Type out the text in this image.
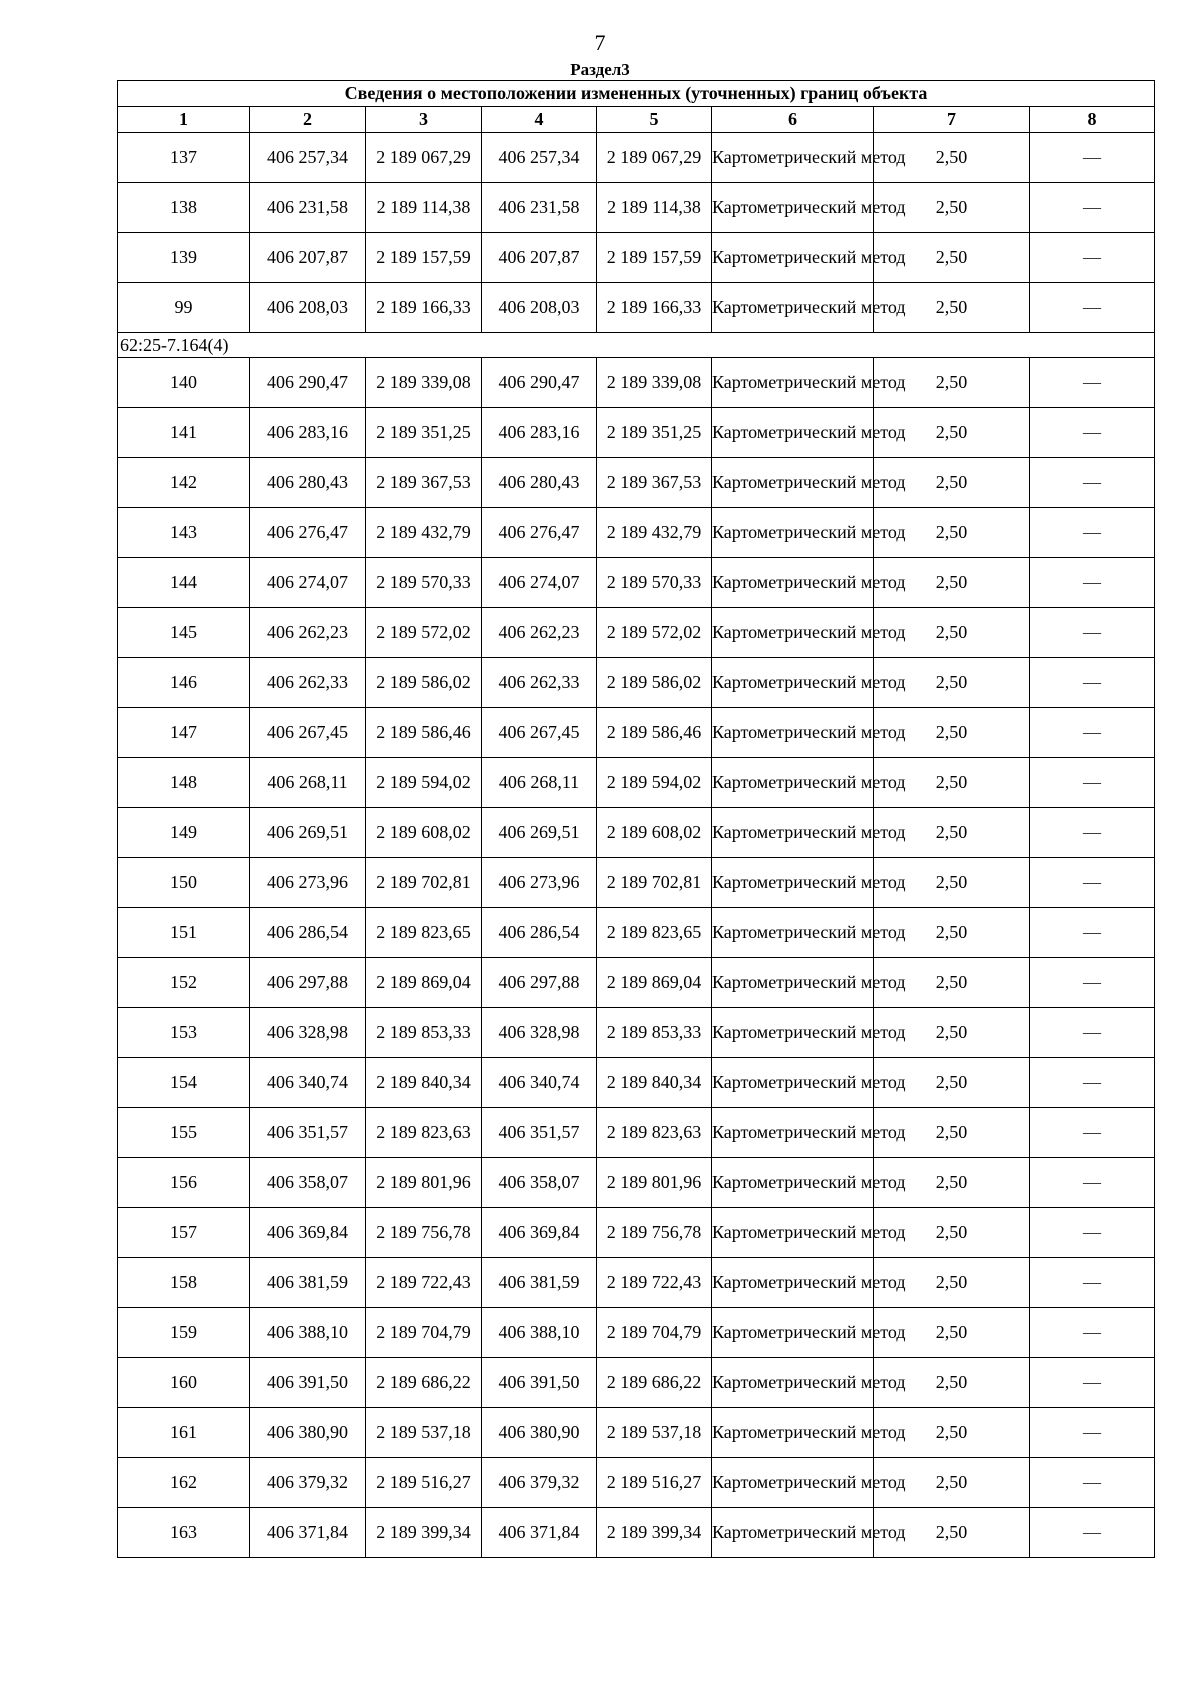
7
Раздел3
Сведения о местоположении измененных (уточненных) границ объекта							
1	2	3	4	5	6	7	8
137	406 257,34	2 189 067,29	406 257,34	2 189 067,29	Картометрический метод	2,50	—
138	406 231,58	2 189 114,38	406 231,58	2 189 114,38	Картометрический метод	2,50	—
139	406 207,87	2 189 157,59	406 207,87	2 189 157,59	Картометрический метод	2,50	—
99	406 208,03	2 189 166,33	406 208,03	2 189 166,33	Картометрический метод	2,50	—
62:25-7.164(4)							
140	406 290,47	2 189 339,08	406 290,47	2 189 339,08	Картометрический метод	2,50	—
141	406 283,16	2 189 351,25	406 283,16	2 189 351,25	Картометрический метод	2,50	—
142	406 280,43	2 189 367,53	406 280,43	2 189 367,53	Картометрический метод	2,50	—
143	406 276,47	2 189 432,79	406 276,47	2 189 432,79	Картометрический метод	2,50	—
144	406 274,07	2 189 570,33	406 274,07	2 189 570,33	Картометрический метод	2,50	—
145	406 262,23	2 189 572,02	406 262,23	2 189 572,02	Картометрический метод	2,50	—
146	406 262,33	2 189 586,02	406 262,33	2 189 586,02	Картометрический метод	2,50	—
147	406 267,45	2 189 586,46	406 267,45	2 189 586,46	Картометрический метод	2,50	—
148	406 268,11	2 189 594,02	406 268,11	2 189 594,02	Картометрический метод	2,50	—
149	406 269,51	2 189 608,02	406 269,51	2 189 608,02	Картометрический метод	2,50	—
150	406 273,96	2 189 702,81	406 273,96	2 189 702,81	Картометрический метод	2,50	—
151	406 286,54	2 189 823,65	406 286,54	2 189 823,65	Картометрический метод	2,50	—
152	406 297,88	2 189 869,04	406 297,88	2 189 869,04	Картометрический метод	2,50	—
153	406 328,98	2 189 853,33	406 328,98	2 189 853,33	Картометрический метод	2,50	—
154	406 340,74	2 189 840,34	406 340,74	2 189 840,34	Картометрический метод	2,50	—
155	406 351,57	2 189 823,63	406 351,57	2 189 823,63	Картометрический метод	2,50	—
156	406 358,07	2 189 801,96	406 358,07	2 189 801,96	Картометрический метод	2,50	—
157	406 369,84	2 189 756,78	406 369,84	2 189 756,78	Картометрический метод	2,50	—
158	406 381,59	2 189 722,43	406 381,59	2 189 722,43	Картометрический метод	2,50	—
159	406 388,10	2 189 704,79	406 388,10	2 189 704,79	Картометрический метод	2,50	—
160	406 391,50	2 189 686,22	406 391,50	2 189 686,22	Картометрический метод	2,50	—
161	406 380,90	2 189 537,18	406 380,90	2 189 537,18	Картометрический метод	2,50	—
162	406 379,32	2 189 516,27	406 379,32	2 189 516,27	Картометрический метод	2,50	—
163	406 371,84	2 189 399,34	406 371,84	2 189 399,34	Картометрический метод	2,50	—
